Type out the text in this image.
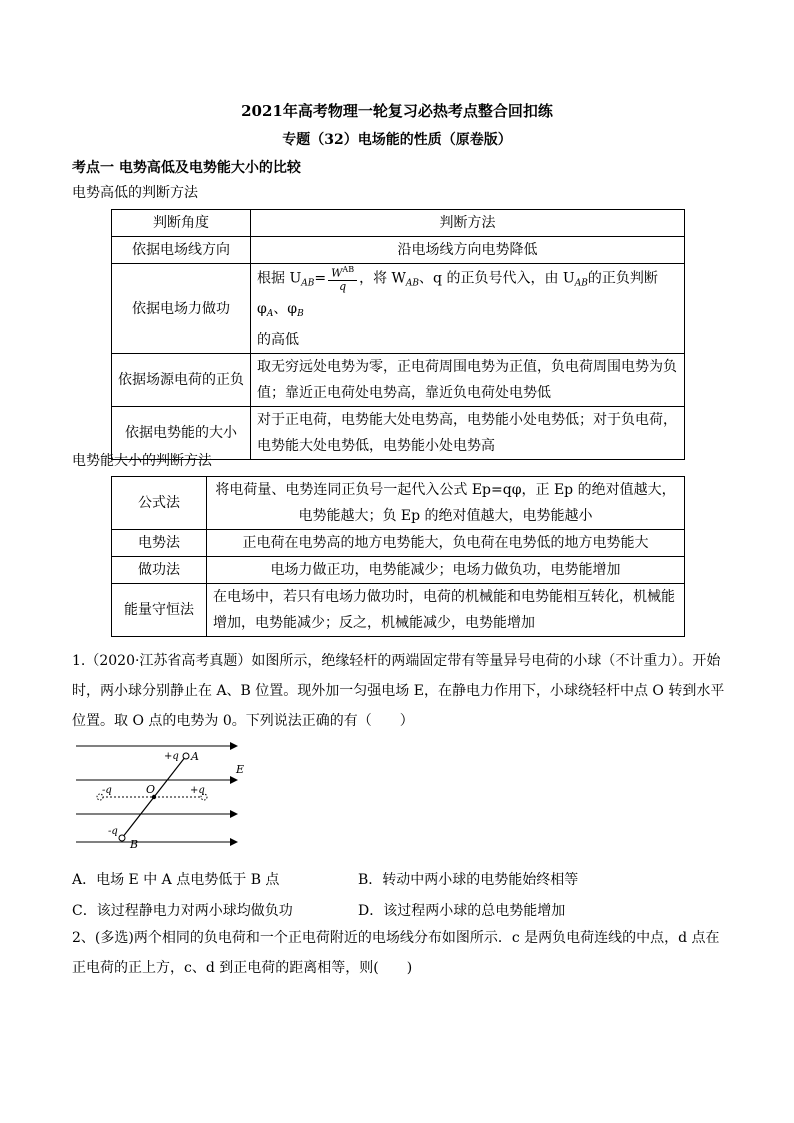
2021年高考物理一轮复习必热考点整合回扣练
专题（32）电场能的性质（原卷版）
考点一 电势高低及电势能大小的比较
电势高低的判断方法
判断角度	判断方法
依据电场线方向	沿电场线方向电势降低
依据电场力做功	根据 $U_{AB}= \frac{W^{AB}}{q}$ ，将 $W_{AB}$、q 的正负号代入，由 $U_{AB}$的正负判断 $\varphi_A$、$\varphi_B$
的高低
依据场源电荷的正负	取无穷远处电势为零，正电荷周围电势为正值，负电荷周围电势为负值；靠近正电荷处电势高，靠近负电荷处电势低
依据电势能的大小	对于正电荷，电势能大处电势高，电势能小处电势低；对于负电荷，电势能大处电势低，电势能小处电势高
电势能大小的判断方法
公式法	将电荷量、电势连同正负号一起代入公式 Ep=qφ，正 Ep 的绝对值越大，电势能越大；负 Ep 的绝对值越大，电势能越小
电势法	正电荷在电势高的地方电势能大，负电荷在电势低的地方电势能大
做功法	电场力做正功，电势能减少；电场力做负功，电势能增加
能量守恒法	在电场中，若只有电场力做功时，电荷的机械能和电势能相互转化，机械能增加，电势能减少；反之，机械能减少，电势能增加
1.（2020·江苏省高考真题）如图所示，绝缘轻杆的两端固定带有等量异号电荷的小球（不计重力）。开始时，两小球分别静止在 A、B 位置。现外加一匀强电场 E，在静电力作用下，小球绕轻杆中点 O 转到水平位置。取 O 点的电势为 0。下列说法正确的有（　　）
+q A
E
-q	O	+q
-q
B
A．电场 E 中 A 点电势低于 B 点	B．转动中两小球的电势能始终相等
C．该过程静电力对两小球均做负功	D．该过程两小球的总电势能增加
2、(多选)两个相同的负电荷和一个正电荷附近的电场线分布如图所示．c 是两负电荷连线的中点，d 点在正电荷的正上方，c、d 到正电荷的距离相等，则(　　)
